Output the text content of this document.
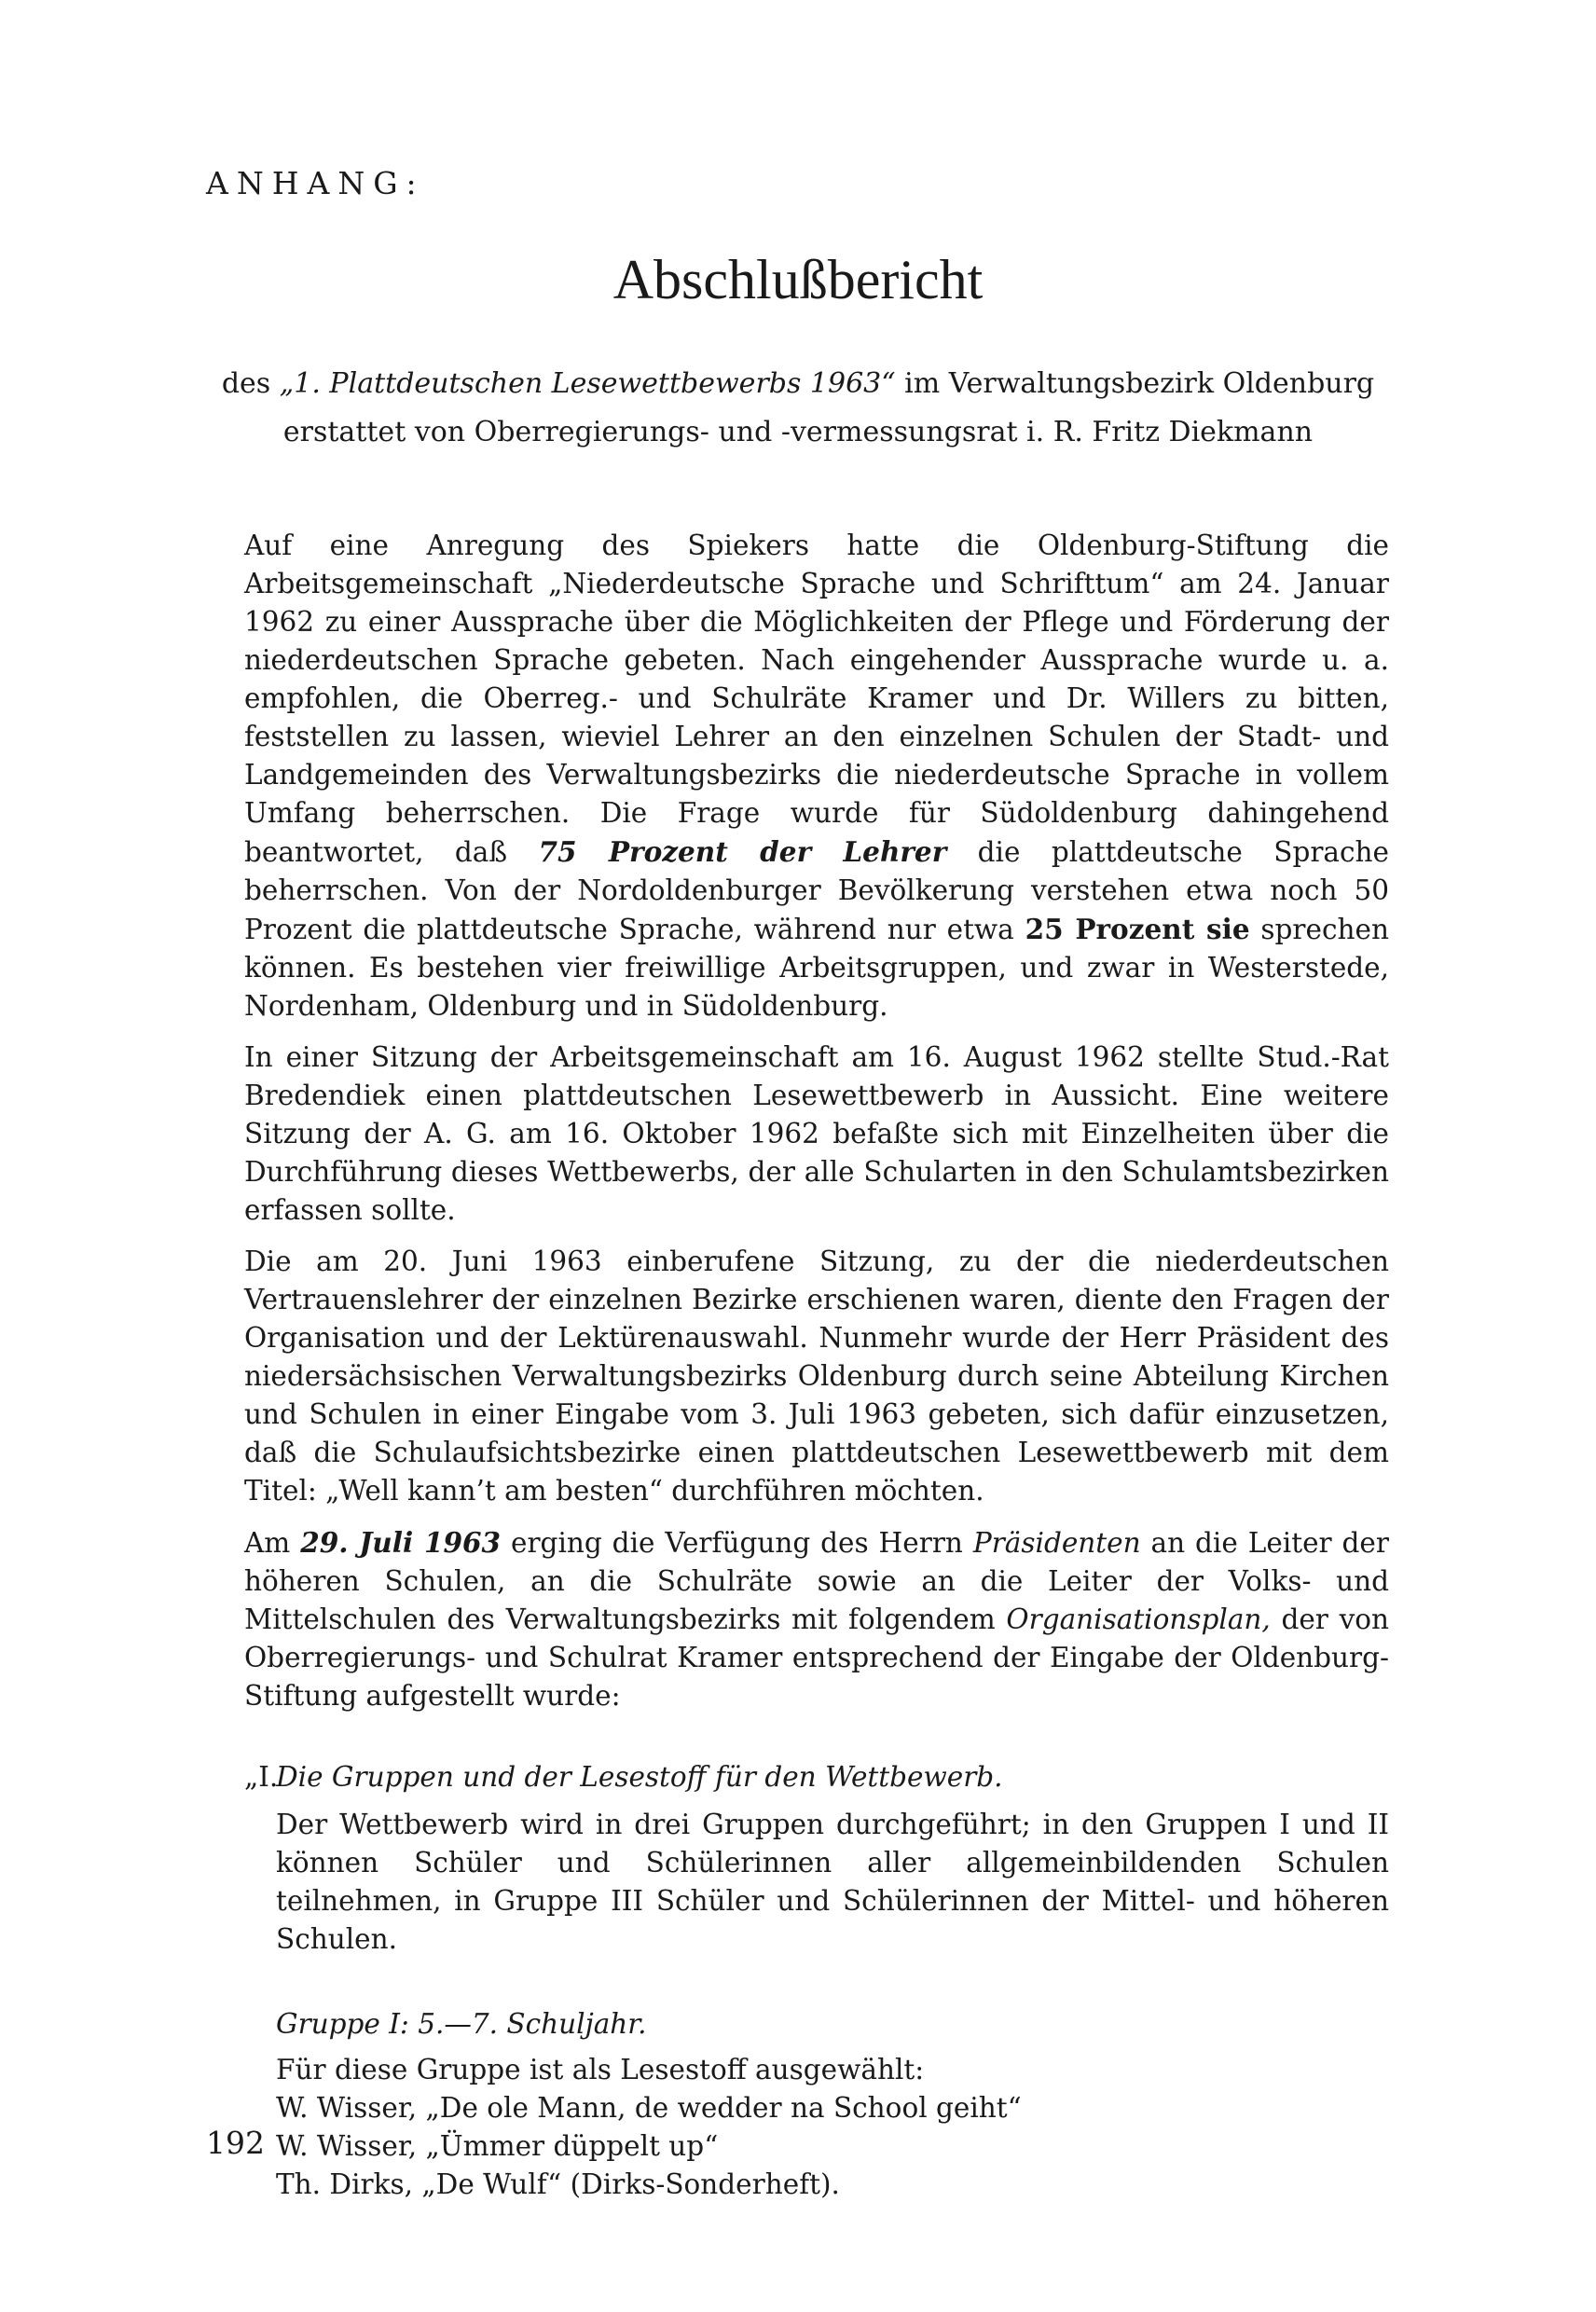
ANHANG:
Abschlußbericht
des „1. Plattdeutschen Lesewettbewerbs 1963“ im Verwaltungsbezirk Oldenburg
erstattet von Oberregierungs- und -vermessungsrat i. R. Fritz Diekmann

Auf eine Anregung des Spiekers hatte die Oldenburg-Stiftung die Arbeitsgemeinschaft „Niederdeutsche Sprache und Schrifttum“ am 24. Januar 1962 zu einer Aussprache über die Möglichkeiten der Pflege und Förderung der niederdeutschen Sprache gebeten. Nach eingehender Aussprache wurde u. a. empfohlen, die Oberreg.- und Schulräte Kramer und Dr. Willers zu bitten, feststellen zu lassen, wieviel Lehrer an den einzelnen Schulen der Stadt- und Landgemeinden des Verwaltungsbezirks die niederdeutsche Sprache in vollem Umfang beherrschen. Die Frage wurde für Südoldenburg dahingehend beantwortet, daß 75 Prozent der Lehrer die plattdeutsche Sprache beherrschen. Von der Nordoldenburger Bevölkerung verstehen etwa noch 50 Prozent die plattdeutsche Sprache, während nur etwa 25 Prozent sie sprechen können. Es bestehen vier freiwillige Arbeitsgruppen, und zwar in Westerstede, Nordenham, Oldenburg und in Südoldenburg.

In einer Sitzung der Arbeitsgemeinschaft am 16. August 1962 stellte Stud.-Rat Bredendiek einen plattdeutschen Lesewettbewerb in Aussicht. Eine weitere Sitzung der A. G. am 16. Oktober 1962 befaßte sich mit Einzelheiten über die Durchführung dieses Wettbewerbs, der alle Schularten in den Schulamtsbezirken erfassen sollte.

Die am 20. Juni 1963 einberufene Sitzung, zu der die niederdeutschen Vertrauenslehrer der einzelnen Bezirke erschienen waren, diente den Fragen der Organisation und der Lektürenauswahl. Nunmehr wurde der Herr Präsident des niedersächsischen Verwaltungsbezirks Oldenburg durch seine Abteilung Kirchen und Schulen in einer Eingabe vom 3. Juli 1963 gebeten, sich dafür einzusetzen, daß die Schulaufsichtsbezirke einen plattdeutschen Lesewettbewerb mit dem Titel: „Well kann’t am besten“ durchführen möchten.

Am 29. Juli 1963 erging die Verfügung des Herrn Präsidenten an die Leiter der höheren Schulen, an die Schulräte sowie an die Leiter der Volks- und Mittelschulen des Verwaltungsbezirks mit folgendem Organisationsplan, der von Oberregierungs- und Schulrat Kramer entsprechend der Eingabe der Oldenburg-Stiftung aufgestellt wurde:

„I.

Die Gruppen und der Lesestoff für den Wettbewerb.

Der Wettbewerb wird in drei Gruppen durchgeführt; in den Gruppen I und II können Schüler und Schülerinnen aller allgemeinbildenden Schulen teilnehmen, in Gruppe III Schüler und Schülerinnen der Mittel- und höheren Schulen.

Gruppe I: 5.—7. Schuljahr.

Für diese Gruppe ist als Lesestoff ausgewählt:

W. Wisser, „De ole Mann, de wedder na School geiht“

W. Wisser, „Ümmer düppelt up“

Th. Dirks, „De Wulf“ (Dirks-Sonderheft).

192
